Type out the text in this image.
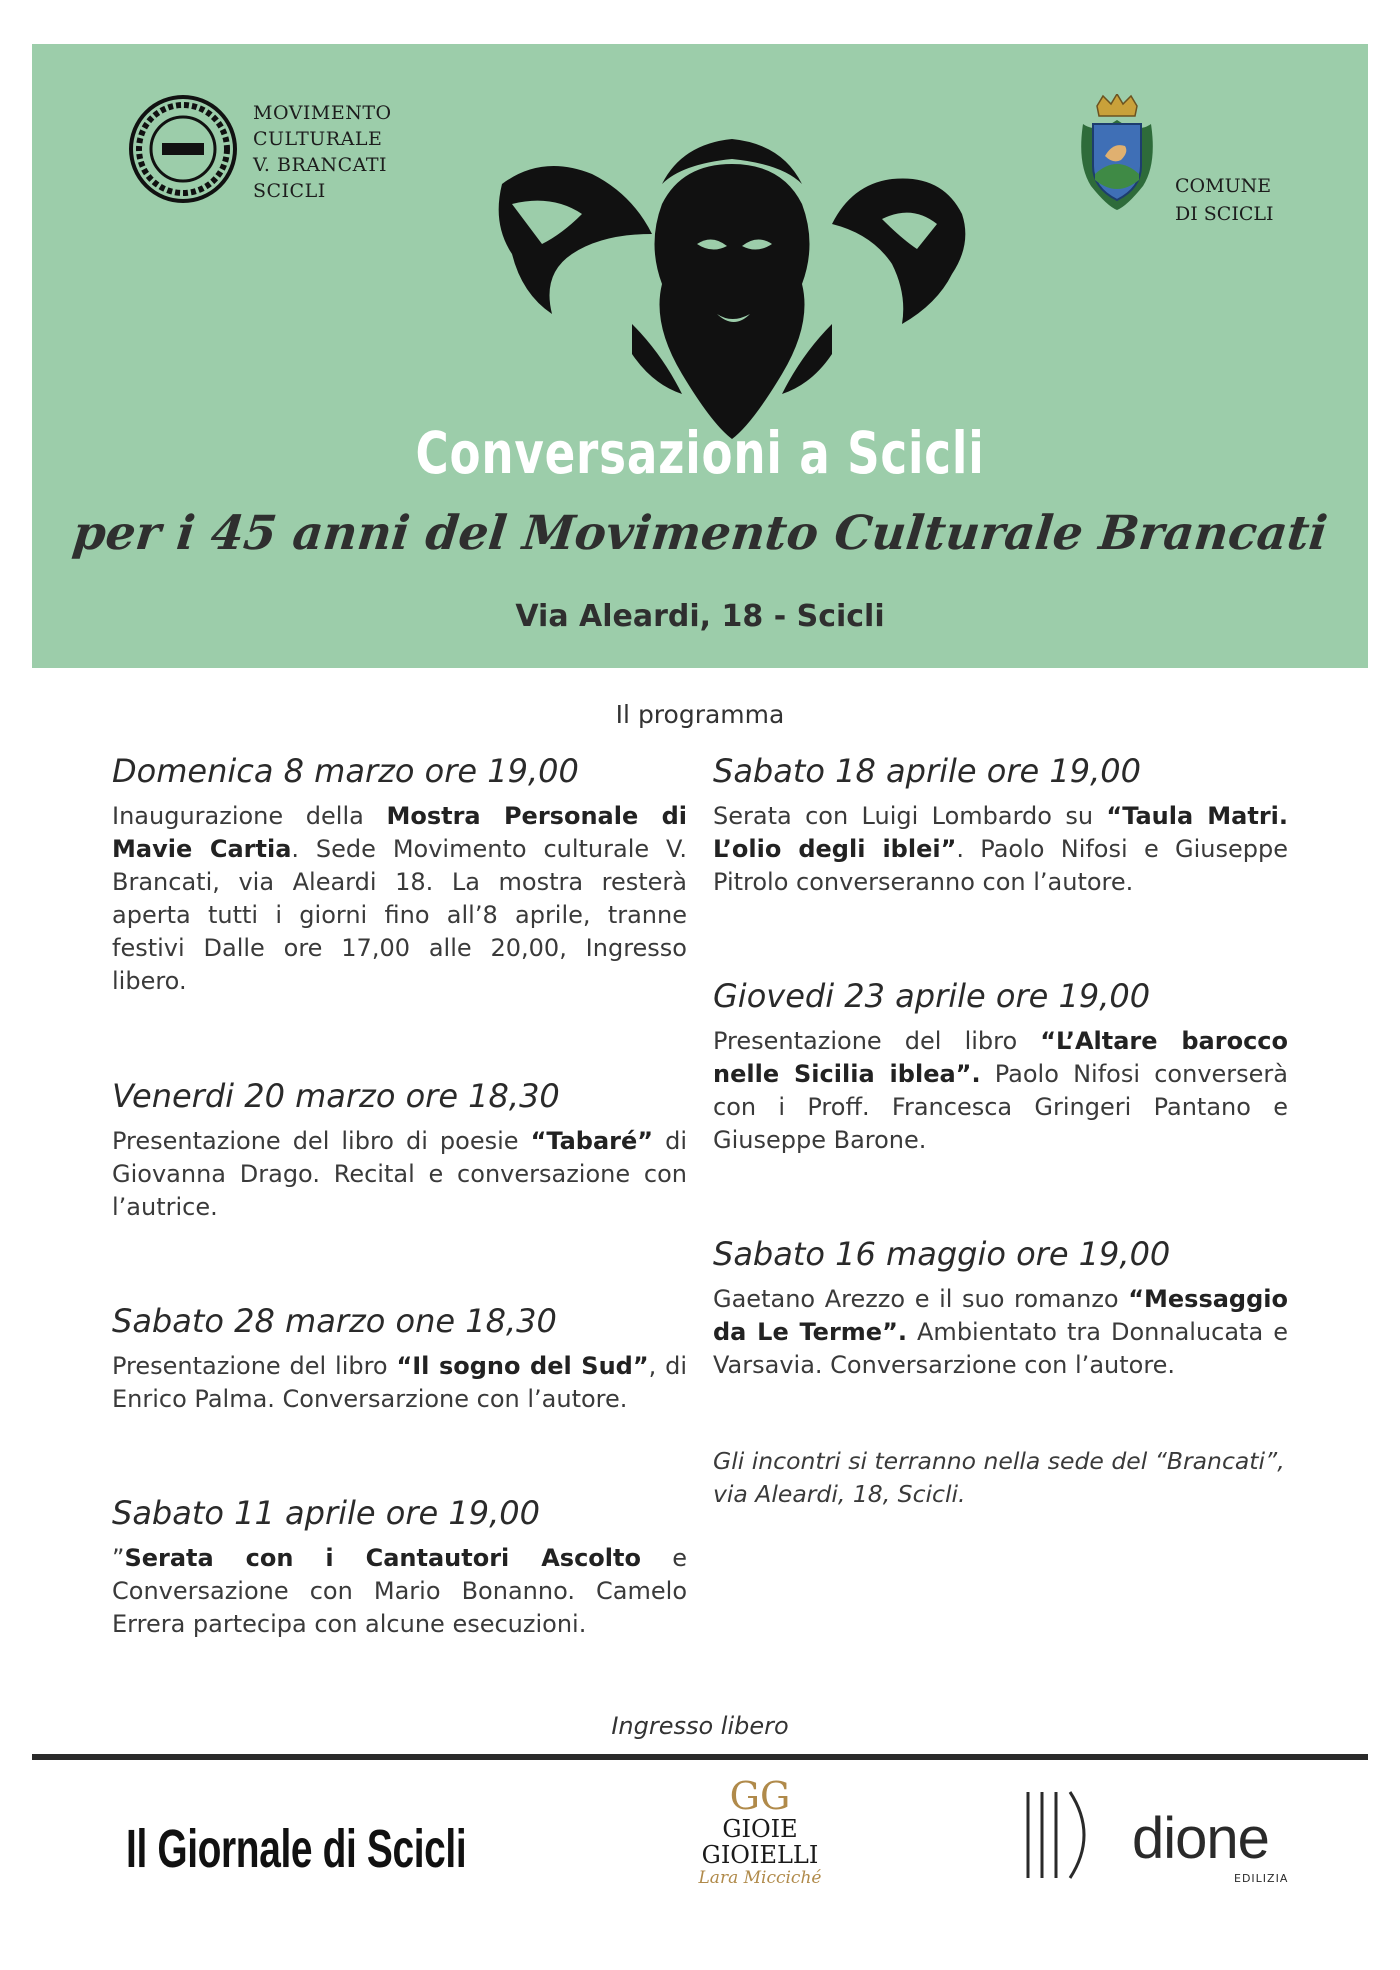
MOVIMENTO
CULTURALE
V. BRANCATI
SCICLI	COMUNE
DI SCICLI
Conversazioni a Scicli
per i 45 anni del Movimento Culturale Brancati
Via Aleardi, 18 - Scicli
Il programma

Domenica 8 marzo ore 19,00

Inaugurazione della Mostra Personale di Mavie Cartia. Sede Movimento culturale V. Brancati, via Aleardi 18. La mostra resterà aperta tutti i giorni fino all’8 aprile, tranne festivi Dalle ore 17,00 alle 20,00, Ingresso libero.

Venerdi 20 marzo ore 18,30

Presentazione del libro di poesie “Tabaré” di Giovanna Drago. Recital e conversazione con l’autrice.

Sabato 28 marzo one 18,30

Presentazione del libro “Il sogno del Sud”, di Enrico Palma. Conversarzione con l’autore.

Sabato 11 aprile ore 19,00

”Serata con i Cantautori Ascolto e Conversazione con Mario Bonanno. Camelo Errera partecipa con alcune esecuzioni.

Sabato 18 aprile ore 19,00

Serata con Luigi Lombardo su “Taula Matri. L’olio degli iblei”. Paolo Nifosi e Giuseppe Pitrolo converseranno con l’autore.

Giovedi 23 aprile ore 19,00

Presentazione del libro “L’Altare barocco nelle Sicilia iblea”. Paolo Nifosi converserà con i Proff. Francesca Gringeri Pantano e Giuseppe Barone.

Sabato 16 maggio ore 19,00

Gaetano Arezzo e il suo romanzo “Messaggio da Le Terme”. Ambientato tra Donnalucata e Varsavia. Conversarzione con l’autore.

Gli incontri si terranno nella sede del “Brancati”, via Aleardi, 18, Scicli.
Ingresso libero
Il Giornale di Scicli
GG
GIOIE
GIOIELLI
Lara Micciché
dione
EDILIZIA
